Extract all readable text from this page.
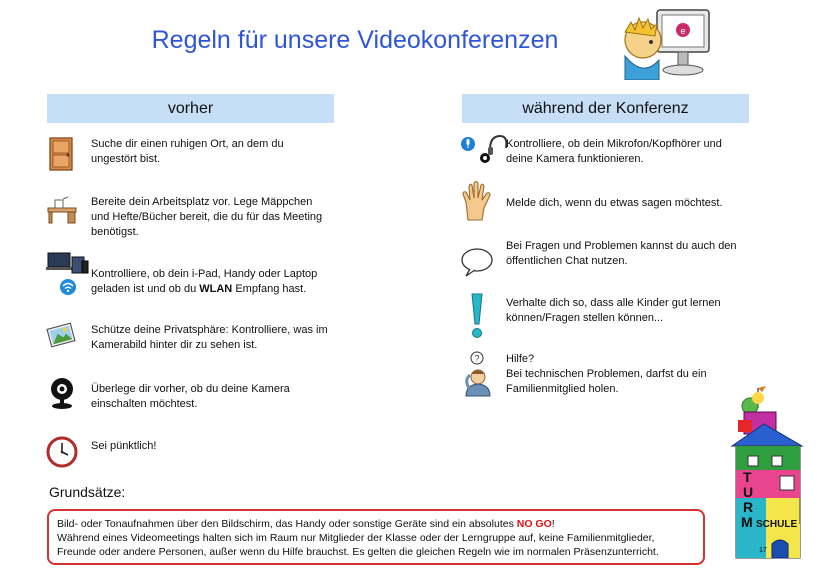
Regeln für unsere Videokonferenzen	e
vorher	während der Konferenz
Suche dir einen ruhigen Ort, an dem du
ungestört bist.
Bereite dein Arbeitsplatz vor. Lege Mäppchen
und Hefte/Bücher bereit, die du für das Meeting
benötigst.
Kontrolliere, ob dein i-Pad, Handy oder Laptop
geladen ist und ob du WLAN Empfang hast.
Schütze deine Privatsphäre: Kontrolliere, was im
Kamerabild hinter dir zu sehen ist.
Überlege dir vorher, ob du deine Kamera
einschalten möchtest.
Sei pünktlich!
Kontrolliere, ob dein Mikrofon/Kopfhörer und
deine Kamera funktionieren.
Melde dich, wenn du etwas sagen möchtest.
Bei Fragen und Problemen kannst du auch den
öffentlichen Chat nutzen.
Verhalte dich so, dass alle Kinder gut lernen
können/Fragen stellen können...
? Hilfe?
Bei technischen Problemen, darfst du ein
Familienmitglied holen.
T
U
R
M SCHULE
17
Grundsätze:
Bild- oder Tonaufnahmen über den Bildschirm, das Handy oder sonstige Geräte sind ein absolutes NO GO!
Während eines Videomeetings halten sich im Raum nur Mitglieder der Klasse oder der Lerngruppe auf, keine Familienmitglieder,
Freunde oder andere Personen, außer wenn du Hilfe brauchst. Es gelten die gleichen Regeln wie im normalen Präsenzunterricht.
